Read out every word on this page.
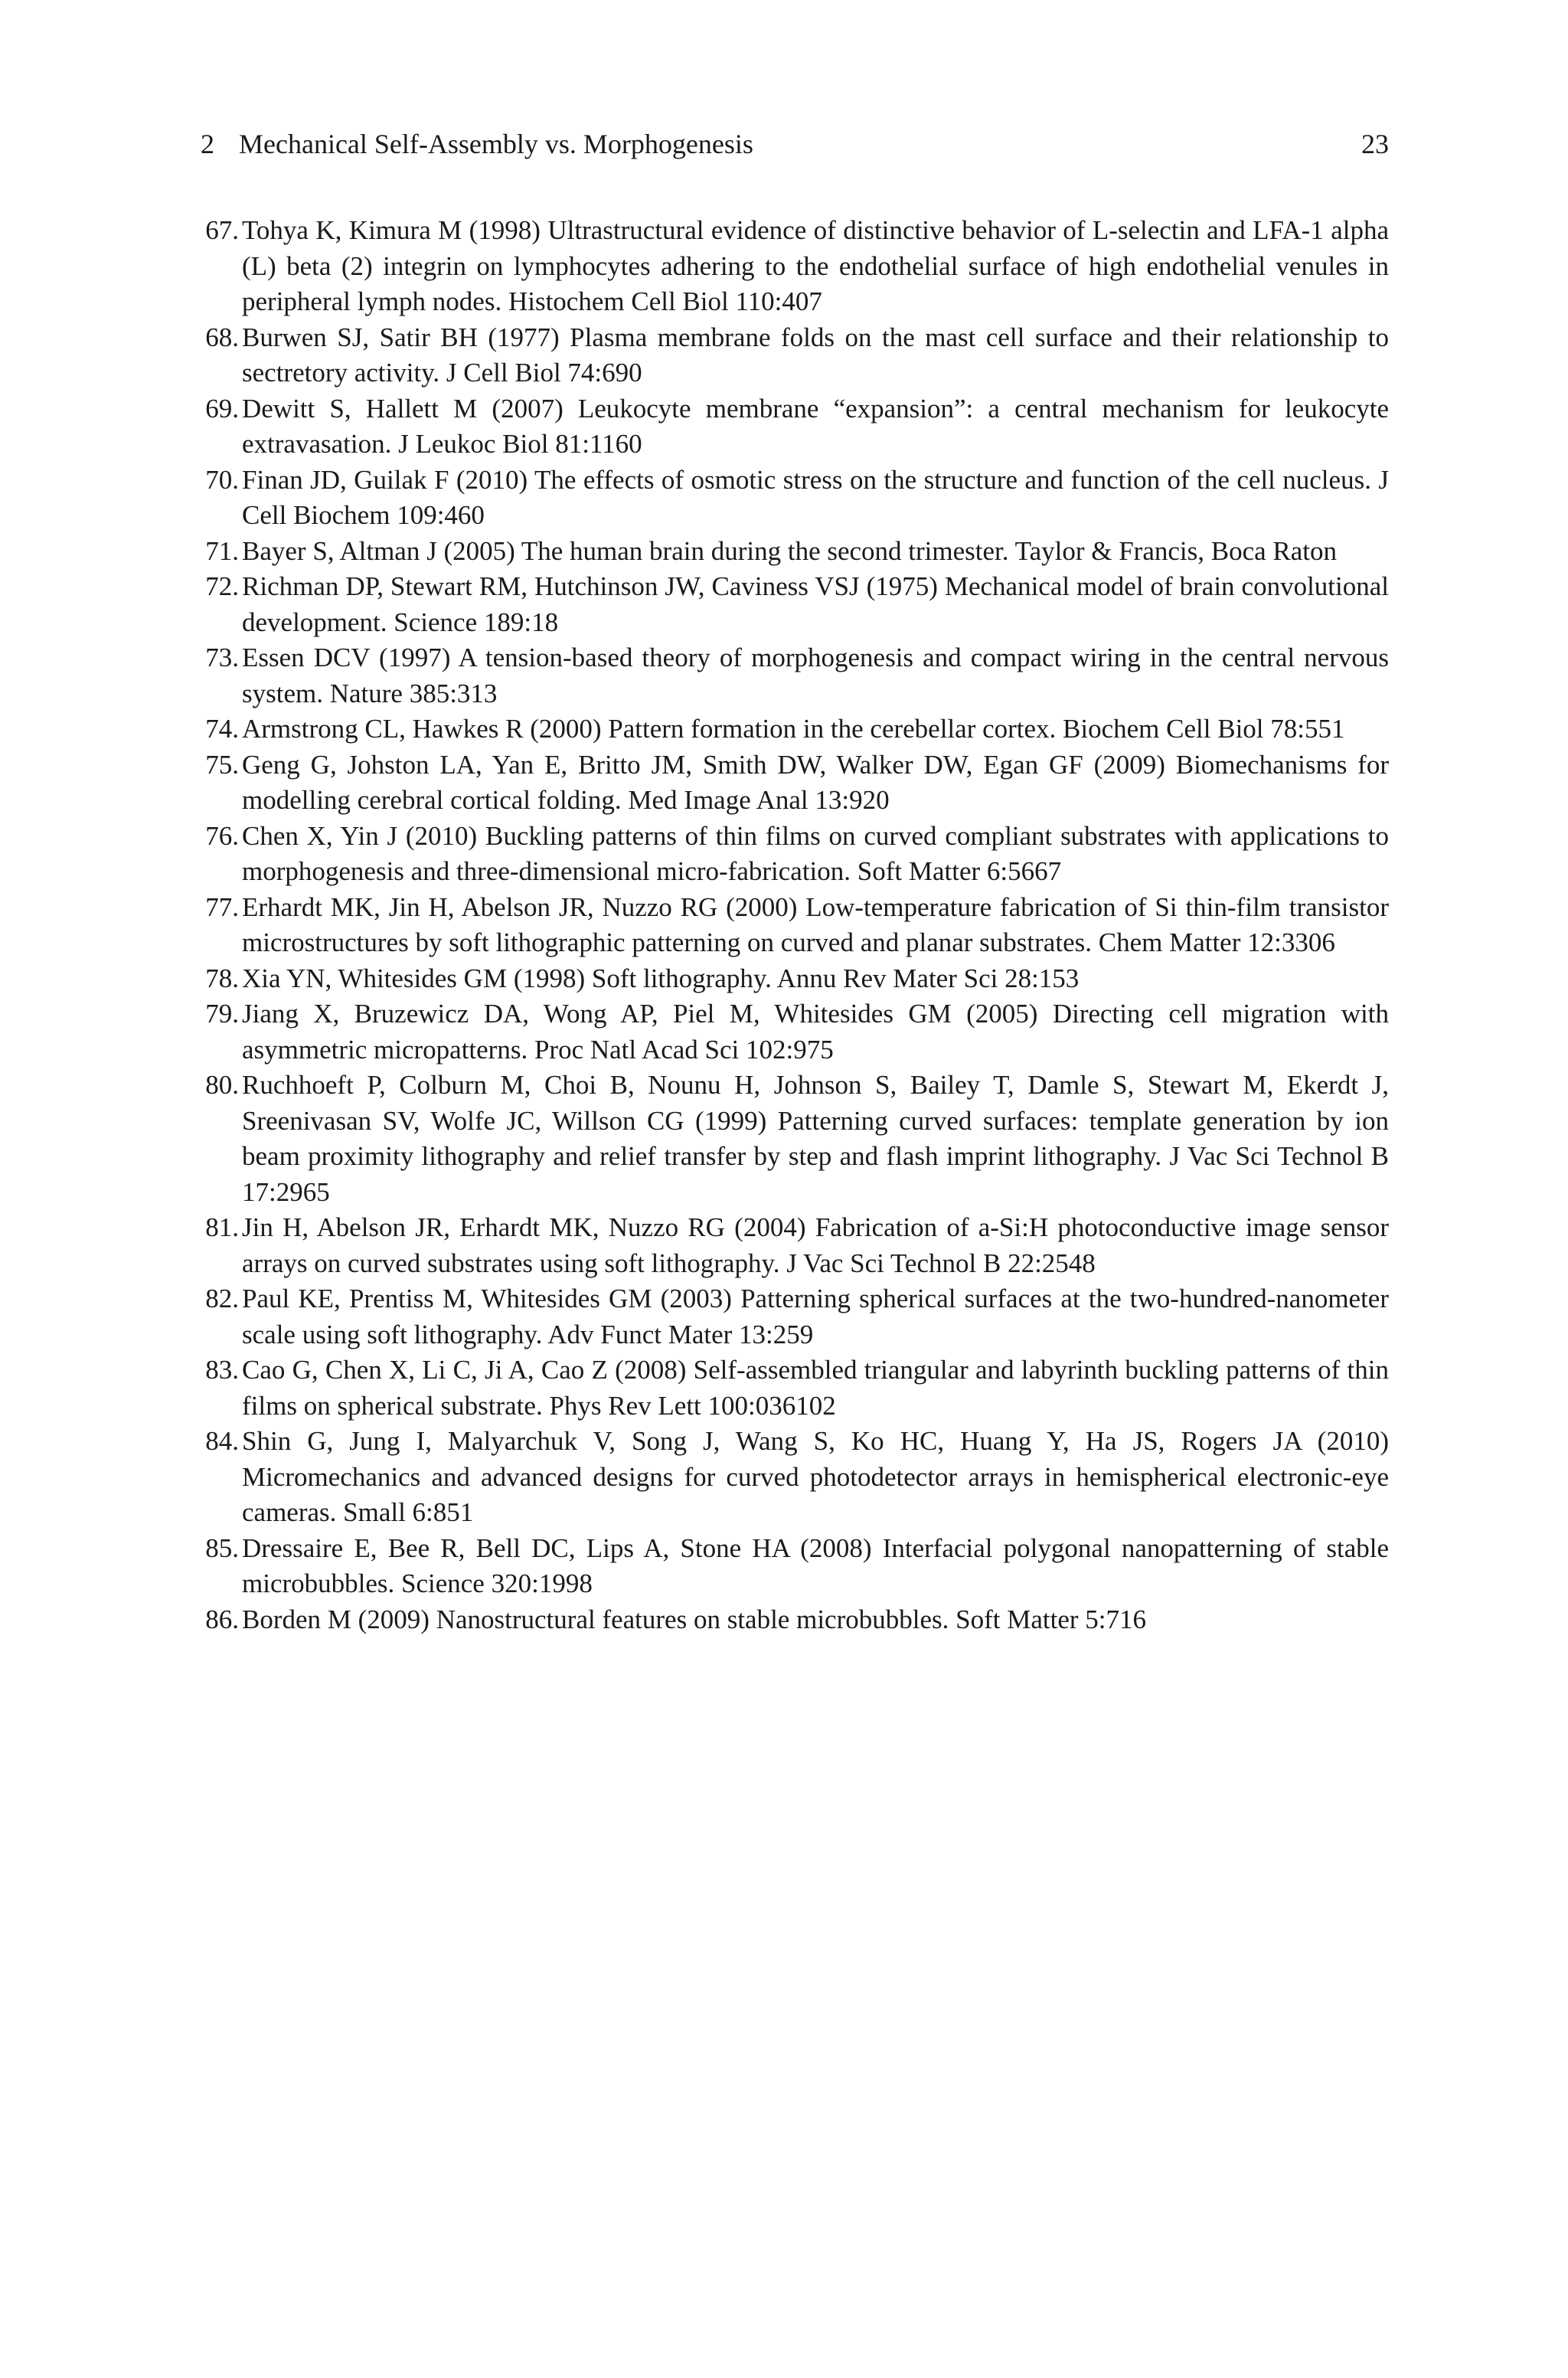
2 Mechanical Self-Assembly vs. Morphogenesis	23
67. Tohya K, Kimura M (1998) Ultrastructural evidence of distinctive behavior of L-selectin and LFA-1 alpha (L) beta (2) integrin on lymphocytes adhering to the endothelial surface of high endothelial venules in peripheral lymph nodes. Histochem Cell Biol 110:407
68. Burwen SJ, Satir BH (1977) Plasma membrane folds on the mast cell surface and their relationship to sectretory activity. J Cell Biol 74:690
69. Dewitt S, Hallett M (2007) Leukocyte membrane “expansion”: a central mechanism for leukocyte extravasation. J Leukoc Biol 81:1160
70. Finan JD, Guilak F (2010) The effects of osmotic stress on the structure and function of the cell nucleus. J Cell Biochem 109:460
71. Bayer S, Altman J (2005) The human brain during the second trimester. Taylor & Francis, Boca Raton
72. Richman DP, Stewart RM, Hutchinson JW, Caviness VSJ (1975) Mechanical model of brain convolutional development. Science 189:18
73. Essen DCV (1997) A tension-based theory of morphogenesis and compact wiring in the central nervous system. Nature 385:313
74. Armstrong CL, Hawkes R (2000) Pattern formation in the cerebellar cortex. Biochem Cell Biol 78:551
75. Geng G, Johston LA, Yan E, Britto JM, Smith DW, Walker DW, Egan GF (2009) Biomechanisms for modelling cerebral cortical folding. Med Image Anal 13:920
76. Chen X, Yin J (2010) Buckling patterns of thin films on curved compliant substrates with applications to morphogenesis and three-dimensional micro-fabrication. Soft Matter 6:5667
77. Erhardt MK, Jin H, Abelson JR, Nuzzo RG (2000) Low-temperature fabrication of Si thin-film transistor microstructures by soft lithographic patterning on curved and planar substrates. Chem Matter 12:3306
78. Xia YN, Whitesides GM (1998) Soft lithography. Annu Rev Mater Sci 28:153
79. Jiang X, Bruzewicz DA, Wong AP, Piel M, Whitesides GM (2005) Directing cell migration with asymmetric micropatterns. Proc Natl Acad Sci 102:975
80. Ruchhoeft P, Colburn M, Choi B, Nounu H, Johnson S, Bailey T, Damle S, Stewart M, Ekerdt J, Sreenivasan SV, Wolfe JC, Willson CG (1999) Patterning curved surfaces: template generation by ion beam proximity lithography and relief transfer by step and flash imprint lithography. J Vac Sci Technol B 17:2965
81. Jin H, Abelson JR, Erhardt MK, Nuzzo RG (2004) Fabrication of a-Si:H photoconductive image sensor arrays on curved substrates using soft lithography. J Vac Sci Technol B 22:2548
82. Paul KE, Prentiss M, Whitesides GM (2003) Patterning spherical surfaces at the two-hundred-nanometer scale using soft lithography. Adv Funct Mater 13:259
83. Cao G, Chen X, Li C, Ji A, Cao Z (2008) Self-assembled triangular and labyrinth buckling patterns of thin films on spherical substrate. Phys Rev Lett 100:036102
84. Shin G, Jung I, Malyarchuk V, Song J, Wang S, Ko HC, Huang Y, Ha JS, Rogers JA (2010) Micromechanics and advanced designs for curved photodetector arrays in hemispherical electronic-eye cameras. Small 6:851
85. Dressaire E, Bee R, Bell DC, Lips A, Stone HA (2008) Interfacial polygonal nanopatterning of stable microbubbles. Science 320:1998
86. Borden M (2009) Nanostructural features on stable microbubbles. Soft Matter 5:716
